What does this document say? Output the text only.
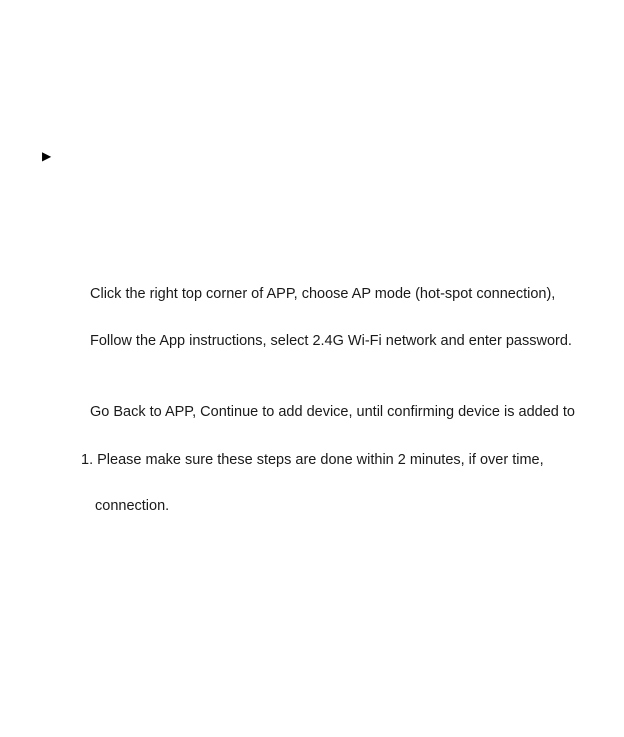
▶
Click the right top corner of APP, choose AP mode (hot-spot connection),
Follow the App instructions, select 2.4G Wi-Fi network and enter password.
Go Back to APP, Continue to add device, until confirming device is added to
1. Please make sure these steps are done within 2 minutes, if over time,
connection.
